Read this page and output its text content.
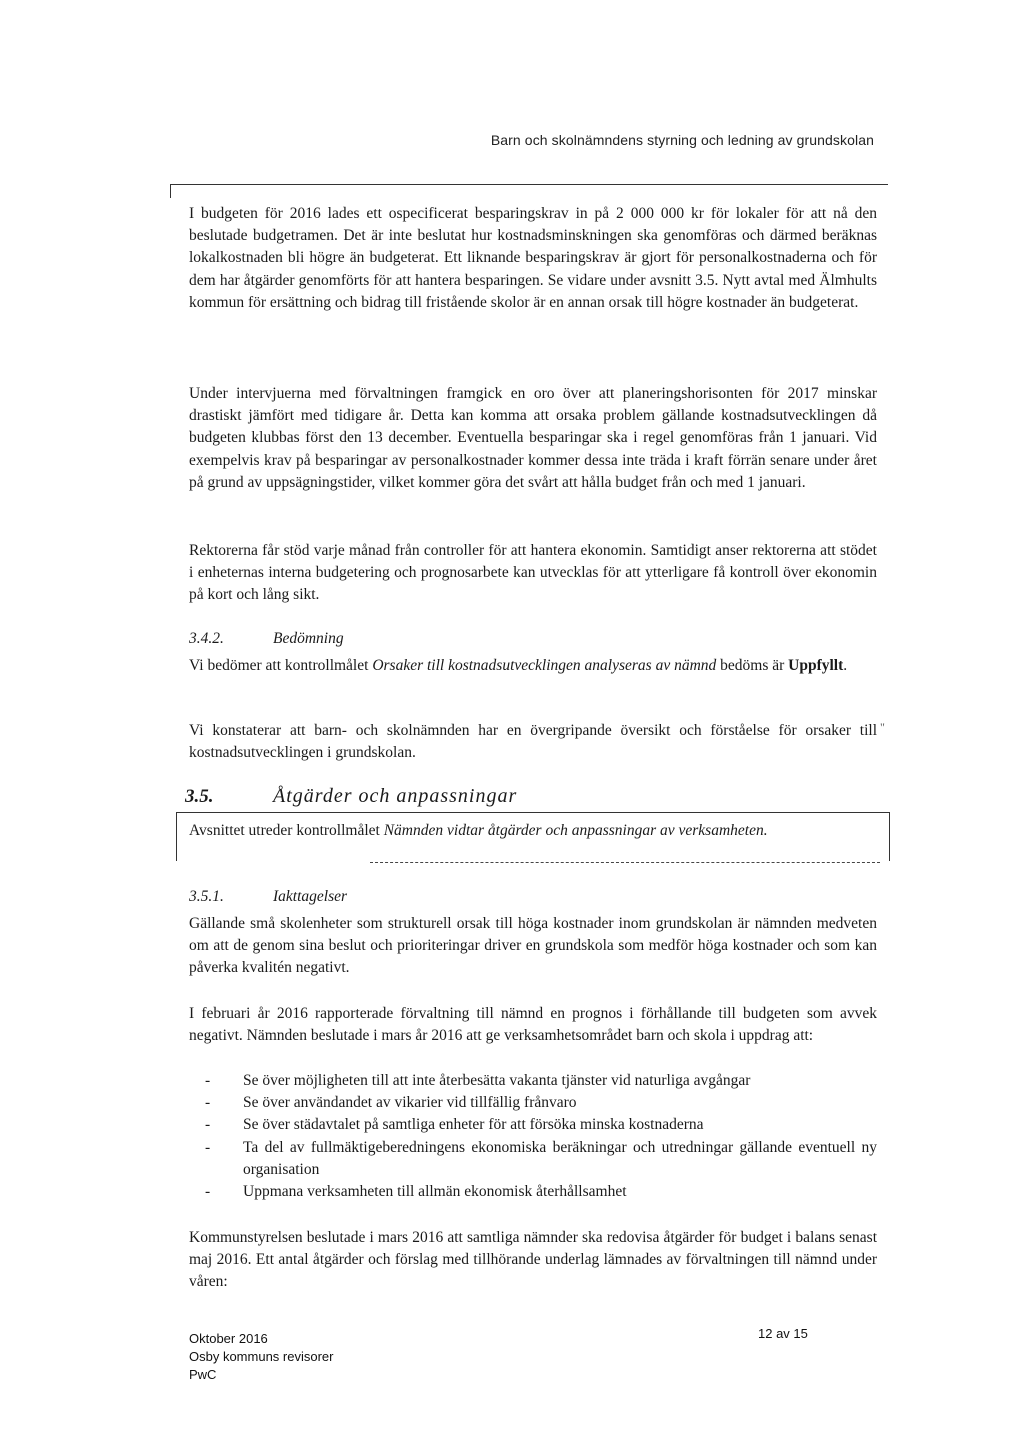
Barn och skolnämndens styrning och ledning av grundskolan

I budgeten för 2016 lades ett ospecificerat besparingskrav in på 2 000 000 kr för lokaler för att nå den beslutade budgetramen. Det är inte beslutat hur kostnadsminskningen ska genomföras och därmed beräknas lokalkostnaden bli högre än budgeterat. Ett liknande besparingskrav är gjort för personalkostnaderna och för dem har åtgärder genomförts för att hantera besparingen. Se vidare under avsnitt 3.5. Nytt avtal med Älmhults kommun för ersättning och bidrag till fristående skolor är en annan orsak till högre kostnader än budgeterat.

Under intervjuerna med förvaltningen framgick en oro över att planeringshorisonten för 2017 minskar drastiskt jämfört med tidigare år. Detta kan komma att orsaka problem gällande kostnadsutvecklingen då budgeten klubbas först den 13 december. Eventuella besparingar ska i regel genomföras från 1 januari. Vid exempelvis krav på besparingar av personalkostnader kommer dessa inte träda i kraft förrän senare under året på grund av uppsägningstider, vilket kommer göra det svårt att hålla budget från och med 1 januari.

Rektorerna får stöd varje månad från controller för att hantera ekonomin. Samtidigt anser rektorerna att stödet i enheternas interna budgetering och prognosarbete kan utvecklas för att ytterligare få kontroll över ekonomin på kort och lång sikt.

3.4.2.	Bedömning

Vi bedömer att kontrollmålet Orsaker till kostnadsutvecklingen analyseras av nämnd bedöms är Uppfyllt.

Vi konstaterar att barn- och skolnämnden har en övergripande översikt och förståelse för orsaker till kostnadsutvecklingen i grundskolan.

"
3.5.	Åtgärder och anpassningar

Avsnittet utreder kontrollmålet Nämnden vidtar åtgärder och anpassningar av verksamheten.

3.5.1.	Iakttagelser

Gällande små skolenheter som strukturell orsak till höga kostnader inom grundskolan är nämnden medveten om att de genom sina beslut och prioriteringar driver en grundskola som medför höga kostnader och som kan påverka kvalitén negativt.

I februari år 2016 rapporterade förvaltning till nämnd en prognos i förhållande till budgeten som avvek negativt. Nämnden beslutade i mars år 2016 att ge verksamhetsområdet barn och skola i uppdrag att:

- Se över möjligheten till att inte återbesätta vakanta tjänster vid naturliga avgångar
- Se över användandet av vikarier vid tillfällig frånvaro
- Se över städavtalet på samtliga enheter för att försöka minska kostnaderna
- Ta del av fullmäktigeberedningens ekonomiska beräkningar och utredningar gällande eventuell ny organisation
- Uppmana verksamheten till allmän ekonomisk återhållsamhet

Kommunstyrelsen beslutade i mars 2016 att samtliga nämnder ska redovisa åtgärder för budget i balans senast maj 2016. Ett antal åtgärder och förslag med tillhörande underlag lämnades av förvaltningen till nämnd under våren:

Oktober 2016
Osby kommuns revisorer
PwC
12 av 15
